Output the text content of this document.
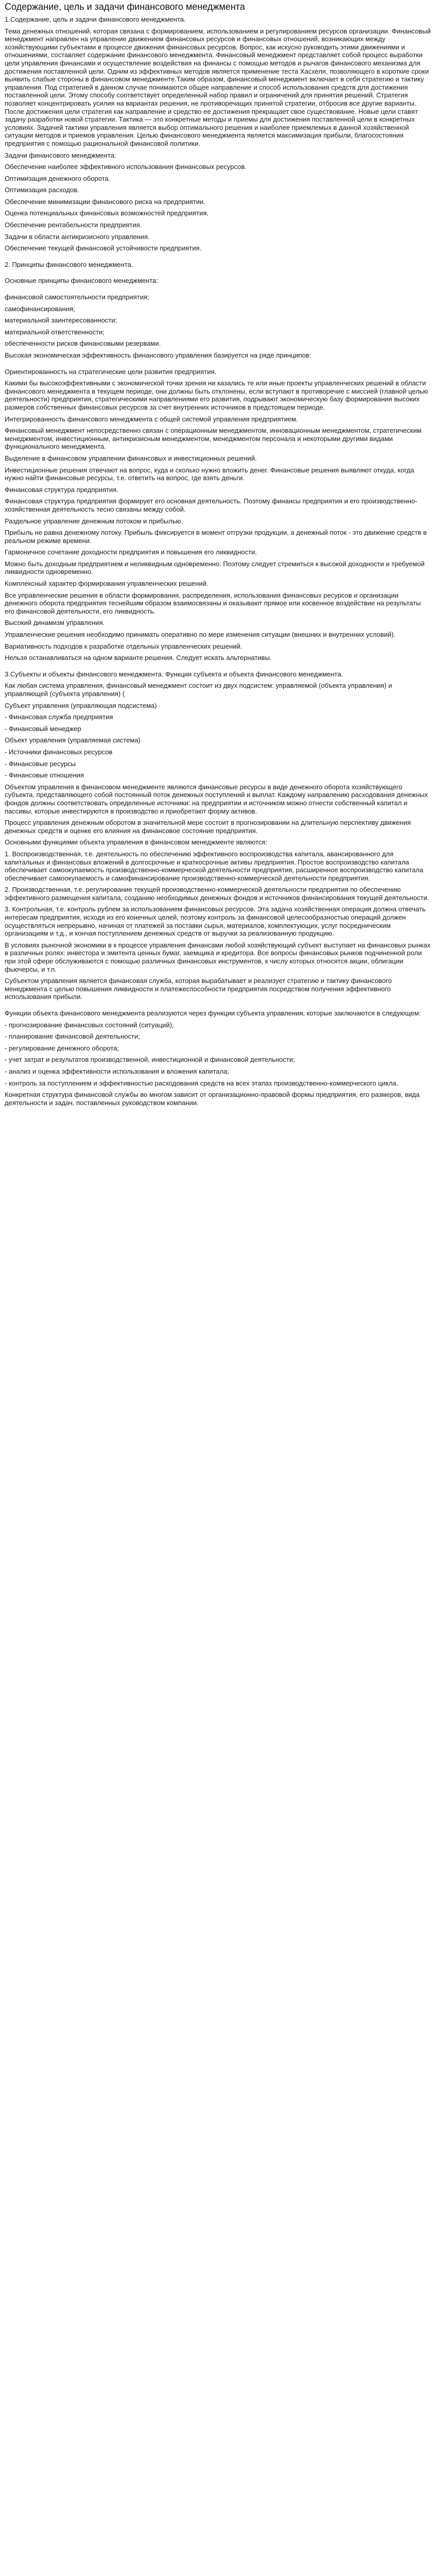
Содержание, цель и задачи финансового менеджмента

1.Содержание, цель и задачи финансового менеджмента.

Тема денежных отношений, которая связана с формированием, использованием и регулированием ресурсов организации. Финансовый менеджмент направлен на управление движением финансовых ресурсов и финансовых отношений, возникающих между хозяйствующими субъектами в процессе движения финансовых ресурсов. Вопрос, как искусно руководить этими движениями и отношениями, составляет содержание финансового менеджмента. Финансовый менеджмент представляет собой процесс выработки цели управления финансами и осуществление воздействия на финансы с помощью методов и рычагов финансового механизма для достижения поставленной цели. Одним из эффективных методов является применение теста Хасхеля, позволяющего в короткие сроки выявить слабые стороны в финансовом менеджменте.Таким образом, финансовый менеджмент включает в себя стратегию и тактику управления. Под стратегией в данном случае понимаются общее направление и способ использования средств для достижения поставленной цели. Этому способу соответствует определенный набор правил и ограничений для принятия решений. Стратегия позволяет концентрировать усилия на вариантах решения, не противоречащих принятой стратегии, отбросив все другие варианты. После достижения цели стратегия как направление и средство ее достижения прекращает свое существование. Новые цели ставят задачу разработки новой стратегии. Тактика — это конкретные методы и приемы для достижения поставленной цели в конкретных условиях. Задачей тактики управления является выбор оптимального решения и наиболее приемлемых в данной хозяйственной ситуации методов и приемов управления. Целью финансового менеджмента является максимизация прибыли, благосостояния предприятия с помощью рациональной финансовой политики.

Задачи финансового менеджмента:

Обеспечение наиболее эффективного использования финансовых ресурсов.

Оптимизация денежного оборота.

Оптимизация расходов.

Обеспечение минимизации финансового риска на предприятии.

Оценка потенциальных финансовых возможностей предприятия.

Обеспечение рентабельности предприятия.

Задачи в области антикризисного управления.

Обеспечение текущей финансовой устойчивости предприятия.

2. Принципы финансового менеджмента.

Основные принципы финансового менеджмента:

финансовой самостоятельности предприятия;

самофинансирования;

материальной заинтересованности;

материальной ответственности;

обеспеченности рисков финансовыми резервами.

Высокая экономическая эффективность финансового управления базируется на ряде принципов:

Ориентированность на стратегические цели развития предприятия.

Какими бы высокоэффективными с экономической точки зрения ни казались те или иные проекты управленческих решений в области финансового менеджмента в текущем периоде, они должны быть отклонены, если вступают в противоречие с миссией (главной целью деятельности) предприятия, стратегическими направлениями его развития, подрывают экономическую базу формирования высоких размеров собственных финансовых ресурсов за счет внутренних источников в предстоящем периоде.

Интегрированность финансового менеджмента с общей системой управления предприятием.

Финансовый менеджмент непосредственно связан с операционным менеджментом, инновационным менеджментом, стратегическим менеджментом, инвестиционным, антикризисным менеджментом, менеджментом персонала и некоторыми другими видами функционального менеджмента.

Выделение в финансовом управлении финансовых и инвестиционных решений.

Инвестиционные решения отвечают на вопрос, куда и сколько нужно вложить денег. Финансовые решения выявляют откуда, когда нужно найти финансовые ресурсы, т.е. ответить на вопрос, где взять деньги.

Финансовая структура предприятия.

Финансовая структура предприятия формирует его основная деятельность. Поэтому финансы предприятия и его производственно-хозяйственная деятельность тесно связаны между собой.

Раздельное управление денежным потоком и прибылью.

Прибыль не равна денежному потоку. Прибыль фиксируется в момент отгрузки продукции, а денежный поток - это движение средств в реальном режиме времени.

Гармоничное сочетание доходности предприятия и повышения его ликвидности.

Можно быть доходным предприятием и неликвидным одновременно. Поэтому следует стремиться к высокой доходности и требуемой ликвидности одновременно.

Комплексный характер формирования управленческих решений.

Все управленческие решения в области формирования, распределения, использования финансовых ресурсов и организации денежного оборота предприятия теснейшим образом взаимосвязаны и оказывают прямое или косвенное воздействие на результаты его финансовой деятельности, его ликвидность.

Высокий динамизм управления.

Управленческие решения необходимо принимать оперативно по мере изменения ситуации (внешних и внутренних условий).

Вариативность подходов к разработке отдельных управленческих решений.

Нельзя останавливаться на одном варианте решения. Следует искать альтернативы.

3.Субъекты и объекты финансового менеджмента. Функции субъекта и объекта финансового менеджмента.

Как любая система управления, финансовый менеджмент состоит из двух подсистем: управляемой (объекта управления) и управляющей (субъекта управления) (

Субъект управления (управляющая подсистема)

- Финансовая служба предприятия

- Финансовый менеджер

Объект управления (управляемая система)

- Источники финансовых ресурсов

- Финансовые ресурсы

- Финансовые отношения

Объектом управления в финансовом менеджменте являются финансовые ресурсы в виде денежного оборота хозяйствующего субъекта, представляющего собой постоянный поток денежных поступлений и выплат. Каждому направлению расходования денежных фондов должны соответствовать определенные источники: на предприятии и источником можно отнести собственный капитал и пассивы, которые инвестируются в производство и приобретают форму активов.

Процесс управления денежным оборотом в значительной мере состоит в прогнозировании на длительную перспективу движения денежных средств и оценке его влияния на финансовое состояние предприятия.

Основными функциями объекта управления в финансовом менеджменте являются:

1. Воспроизводственная, т.е. деятельность по обеспечению эффективного воспроизводства капитала, авансированного для капитальных и финансовых вложений в долгосрочные и краткосрочные активы предприятия. Простое воспроизводство капитала обеспечивает самоокупаемость производственно-коммерческой деятельности предприятия, расширенное воспроизводство капитала обеспечивает самоокупаемость и самофинансирование производственно-коммерческой деятельности предприятия.

2. Производственная, т.е. регулирование текущей производственно-коммерческой деятельности предприятия по обеспечению эффективного размещения капитала, созданию необходимых денежных фондов и источников финансирования текущей деятельности.

3. Контрольная, т.е. контроль рублем за использованием финансовых ресурсов. Эта задача хозяйственная операция должна отвечать интересам предприятия, исходя из его конечных целей, поэтому контроль за финансовой целесообразностью операций должен осуществляться непрерывно, начиная от платежей за поставки сырья, материалов, комплектующих, услуг посредническим организациям и т.д., и кончая поступлением денежных средств от выручки за реализованную продукцию.

В условиях рыночной экономики в к процессе управления финансами любой хозяйствующий субъект выступает на финансовых рынках в различных ролях: инвестора и эмитента ценных бумаг, заемщика и кредитора. Все вопросы финансовых рынков подчиненной роли при этой сфере обслуживаются с помощью различных финансовых инструментов, к числу которых относятся акции, облигации фьючерсы, и т.п.

Субъектом управления является финансовая служба, которая вырабатывает и реализует стратегию и тактику финансового менеджмента с целью повышения ликвидности и платежеспособности предприятия посредством получения эффективного использования прибыли.

Функции объекта финансового менеджмента реализуются через функции субъекта управления, которые заключаются в следующем:

- прогнозирование финансовых состояний (ситуаций);

- планирование финансовой деятельности;

- регулирование денежного оборота;

- учет затрат и результатов производственной, инвестиционной и финансовой деятельности;

- анализ и оценка эффективности использования и вложения капитала;

- контроль за поступлением и эффективностью расходования средств на всех этапах производственно-коммерческого цикла.

Конкретная структура финансовой службы во многом зависит от организационно-правовой формы предприятия, его размеров, вида деятельности и задач, поставленных руководством компании.
